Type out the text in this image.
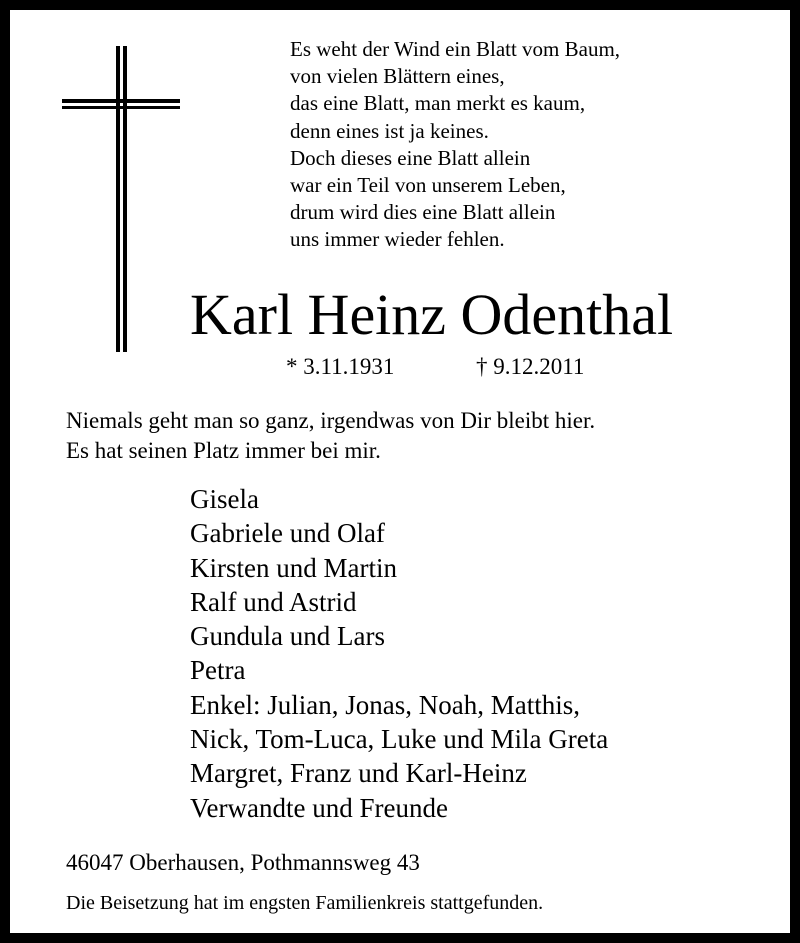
Es weht der Wind ein Blatt vom Baum,
von vielen Blättern eines,
das eine Blatt, man merkt es kaum,
denn eines ist ja keines.
Doch dieses eine Blatt allein
war ein Teil von unserem Leben,
drum wird dies eine Blatt allein
uns immer wieder fehlen.
Karl Heinz Odenthal
* 3.11.1931	† 9.12.2011
Niemals geht man so ganz, irgendwas von Dir bleibt hier.
Es hat seinen Platz immer bei mir.
Gisela
Gabriele und Olaf
Kirsten und Martin
Ralf und Astrid
Gundula und Lars
Petra
Enkel: Julian, Jonas, Noah, Matthis,
Nick, Tom-Luca, Luke und Mila Greta
Margret, Franz und Karl-Heinz
Verwandte und Freunde
46047 Oberhausen, Pothmannsweg 43
Die Beisetzung hat im engsten Familienkreis stattgefunden.
